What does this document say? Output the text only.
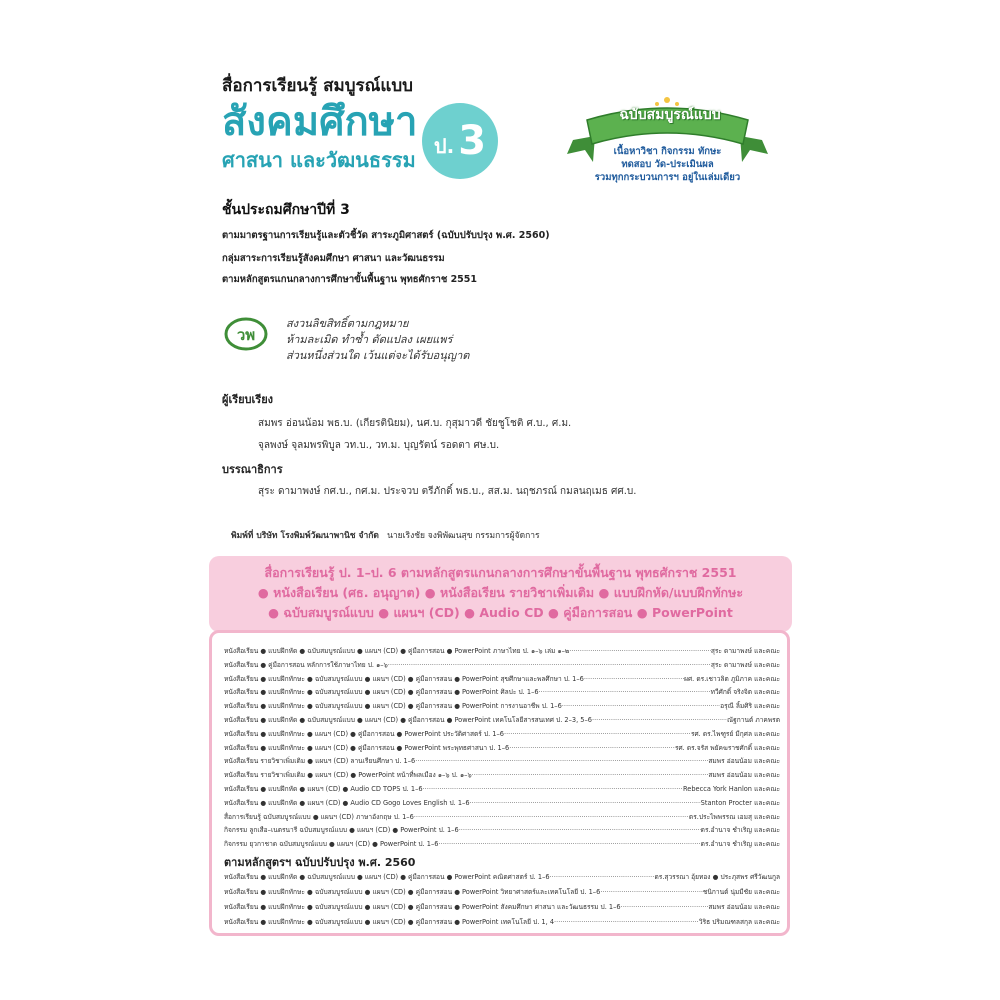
สื่อการเรียนรู้ สมบูรณ์แบบ
สังคมศึกษา
ศาสนา และวัฒนธรรม
ป. 3
ฉบับสมบูรณ์แบบ
เนื้อหาวิชา กิจกรรม ทักษะ
ทดสอบ วัด-ประเมินผล
รวมทุกกระบวนการฯ อยู่ในเล่มเดียว
ชั้นประถมศึกษาปีที่ 3
ตามมาตรฐานการเรียนรู้และตัวชี้วัด สาระภูมิศาสตร์ (ฉบับปรับปรุง พ.ศ. 2560)
กลุ่มสาระการเรียนรู้สังคมศึกษา ศาสนา และวัฒนธรรม
ตามหลักสูตรแกนกลางการศึกษาขั้นพื้นฐาน พุทธศักราช 2551
วพ
สงวนลิขสิทธิ์ตามกฎหมาย
ห้ามละเมิด ทำซ้ำ ดัดแปลง เผยแพร่
ส่วนหนึ่งส่วนใด เว้นแต่จะได้รับอนุญาต
ผู้เรียบเรียง
สมพร อ่อนน้อม พธ.บ. (เกียรตินิยม), นศ.บ. กุสุมาวดี ชัยชูโชติ ศ.บ., ศ.ม.
จุลพงษ์ จุลมพรพิบูล วท.บ., วท.ม. บุญรัตน์ รอดตา ศษ.บ.
บรรณาธิการ
สุระ ดามาพงษ์ กศ.บ., กศ.ม. ประจวบ ตรีภักดิ์ พธ.บ., สส.ม. นฤชภรณ์ กมลนฤเมธ ศศ.บ.
พิมพ์ที่ บริษัท โรงพิมพ์วัฒนาพานิช จำกัด นายเริงชัย จงพิพัฒนสุข กรรมการผู้จัดการ
สื่อการเรียนรู้ ป. 1–ป. 6 ตามหลักสูตรแกนกลางการศึกษาขั้นพื้นฐาน พุทธศักราช 2551
● หนังสือเรียน (ศธ. อนุญาต) ● หนังสือเรียน รายวิชาเพิ่มเติม ● แบบฝึกหัด/แบบฝึกทักษะ
● ฉบับสมบูรณ์แบบ ● แผนฯ (CD) ● Audio CD ● คู่มือการสอน ● PowerPoint
หนังสือเรียน ● แบบฝึกหัด ● ฉบับสมบูรณ์แบบ ● แผนฯ (CD) ● คู่มือการสอน ● PowerPoint ภาษาไทย ป. ๑–๖ เล่ม ๑–๒ .....	สุระ ดามาพงษ์ และคณะ
หนังสือเรียน ● คู่มือการสอน หลักการใช้ภาษาไทย ป. ๑–๖ .....	สุระ ดามาพงษ์ และคณะ
หนังสือเรียน ● แบบฝึกทักษะ ● ฉบับสมบูรณ์แบบ ● แผนฯ (CD) ● คู่มือการสอน ● PowerPoint สุขศึกษาและพลศึกษา ป. 1–6 .....	ผศ. ดร.เชาวลิต ภูมิภาค และคณะ
หนังสือเรียน ● แบบฝึกทักษะ ● ฉบับสมบูรณ์แบบ ● แผนฯ (CD) ● คู่มือการสอน ● PowerPoint ศิลปะ ป. 1–6 .....	ทวีศักดิ์ จริงจิต และคณะ
หนังสือเรียน ● แบบฝึกทักษะ ● ฉบับสมบูรณ์แบบ ● แผนฯ (CD) ● คู่มือการสอน ● PowerPoint การงานอาชีพ ป. 1–6 .....	อรุณี ลิ้มศิริ และคณะ
หนังสือเรียน ● แบบฝึกหัด ● ฉบับสมบูรณ์แบบ ● แผนฯ (CD) ● คู่มือการสอน ● PowerPoint เทคโนโลยีสารสนเทศ ป. 2–3, 5–6 .....	ณัฐกานต์ ภาคพรต
หนังสือเรียน ● แบบฝึกทักษะ ● แผนฯ (CD) ● คู่มือการสอน ● PowerPoint ประวัติศาสตร์ ป. 1–6 .....	รศ. ดร.ไพฑูรย์ มีกุศล และคณะ
หนังสือเรียน ● แบบฝึกทักษะ ● แผนฯ (CD) ● คู่มือการสอน ● PowerPoint พระพุทธศาสนา ป. 1–6 .....	รศ. ดร.จรัส พยัคฆราชศักดิ์ และคณะ
หนังสือเรียน รายวิชาเพิ่มเติม ● แผนฯ (CD) ลานเรียนศึกษา ป. 1–6 .....	สมพร อ่อนน้อม และคณะ
หนังสือเรียน รายวิชาเพิ่มเติม ● แผนฯ (CD) ● PowerPoint หน้าที่พลเมือง ๑–๖ ป. ๑–๖ .....	สมพร อ่อนน้อม และคณะ
หนังสือเรียน ● แบบฝึกหัด ● แผนฯ (CD) ● Audio CD TOPS ป. 1–6 .....	Rebecca York Hanlon และคณะ
หนังสือเรียน ● แบบฝึกหัด ● แผนฯ (CD) ● Audio CD Gogo Loves English ป. 1–6 .....	Stanton Procter และคณะ
สื่อการเรียนรู้ ฉบับสมบูรณ์แบบ ● แผนฯ (CD) ภาษาอังกฤษ ป. 1–6 .....	ดร.ประไพพรรณ เอมสุ และคณะ
กิจกรรม ลูกเสือ–เนตรนารี ฉบับสมบูรณ์แบบ ● แผนฯ (CD) ● PowerPoint ป. 1–6 .....	ดร.อำนาจ ชำเริญ และคณะ
กิจกรรม ยุวกาชาด ฉบับสมบูรณ์แบบ ● แผนฯ (CD) ● PowerPoint ป. 1–6 .....	ดร.อำนาจ ชำเริญ และคณะ
ตามหลักสูตรฯ ฉบับปรับปรุง พ.ศ. 2560
หนังสือเรียน ● แบบฝึกหัด ● ฉบับสมบูรณ์แบบ ● แผนฯ (CD) ● คู่มือการสอน ● PowerPoint คณิตศาสตร์ ป. 1–6 .....	ดร.สุวรรณา อุ้ยทอง ● ประภุสพร ศรีวัฒนกูล
หนังสือเรียน ● แบบฝึกทักษะ ● ฉบับสมบูรณ์แบบ ● แผนฯ (CD) ● คู่มือการสอน ● PowerPoint วิทยาศาสตร์และเทคโนโลยี ป. 1–6 .....	ชนิกานต์ นุ่มมีชัย และคณะ
หนังสือเรียน ● แบบฝึกทักษะ ● ฉบับสมบูรณ์แบบ ● แผนฯ (CD) ● คู่มือการสอน ● PowerPoint สังคมศึกษา ศาสนา และวัฒนธรรม ป. 1–6 .....	สมพร อ่อนน้อม และคณะ
หนังสือเรียน ● แบบฝึกทักษะ ● ฉบับสมบูรณ์แบบ ● แผนฯ (CD) ● คู่มือการสอน ● PowerPoint เทคโนโลยี ป. 1, 4 .....	วิริธ ปริมณฑลสกุล และคณะ
